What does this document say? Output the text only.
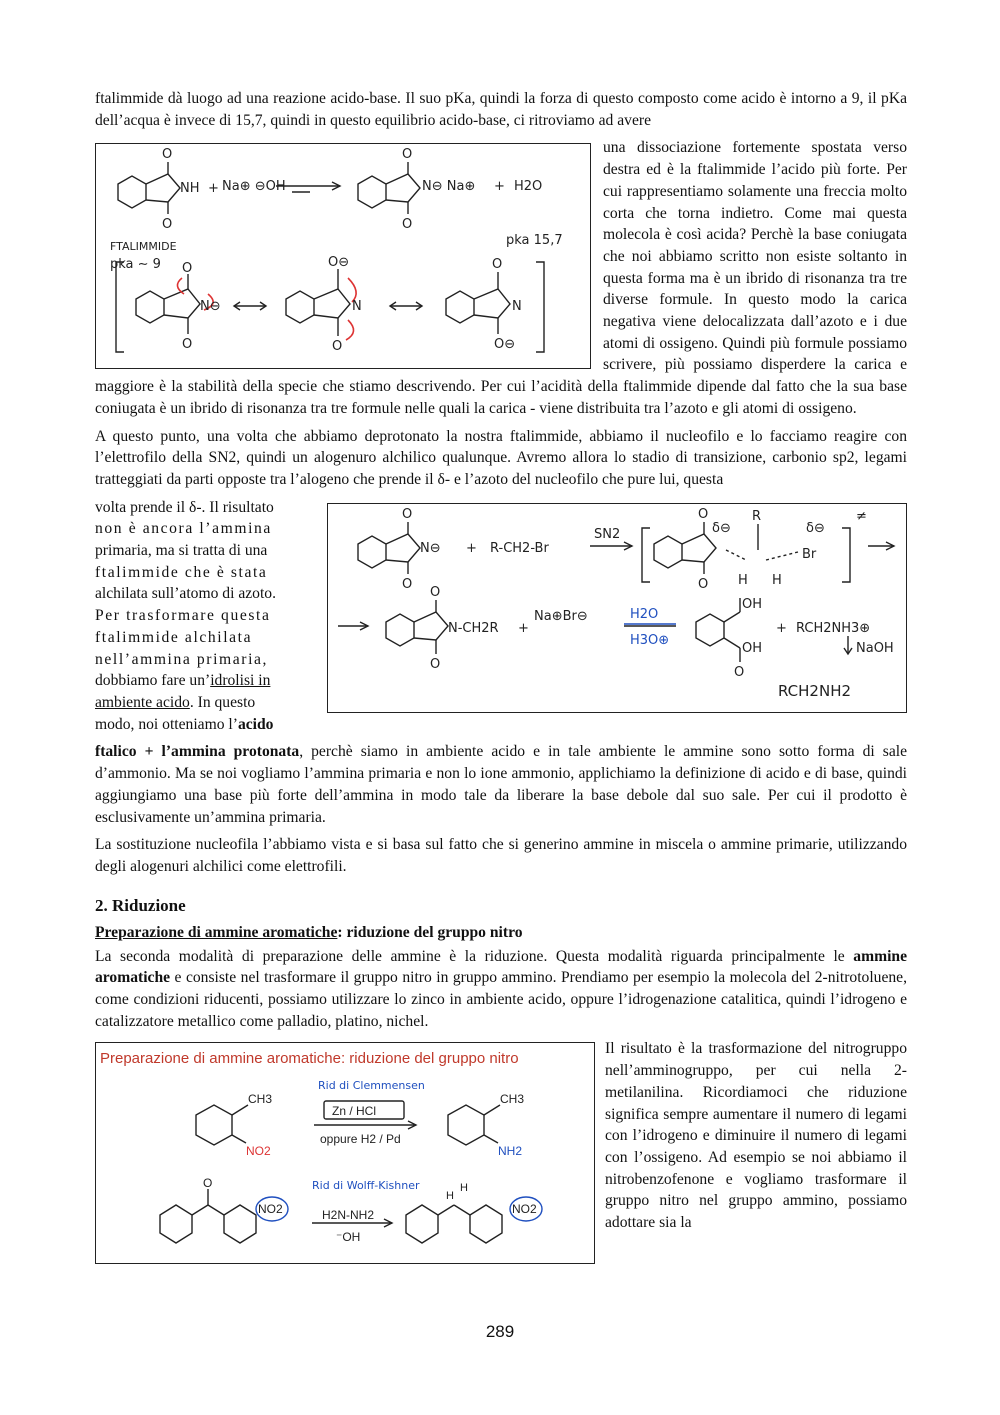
ftalimmide dà luogo ad una reazione acido-base. Il suo pKa, quindi la forza di questo composto come acido è intorno a 9, il pKa dell’acqua è invece di 15,7, quindi in questo equilibrio acido-base, ci ritroviamo ad avere

NH + Na⊕ ⊖OH	N⊖ Na⊕ + H2O
pka 15,7
FTALIMMIDE
pka ∼ 9
O
O
O
O
N⊖
O
O
O⊖
N
O
O
N
O⊖

una dissociazione fortemente spostata verso destra ed è la ftalimmide l’acido più forte. Per cui rappresentiamo solamente una freccia molto corta che torna indietro. Come mai questa molecola è così acida? Perchè la base coniugata che noi abbiamo scritto non esiste soltanto in questa forma ma è un ibrido di risonanza tra tre diverse formule. In questo modo la carica negativa viene delocalizzata dall’azoto e i due atomi di ossigeno. Quindi più formule possiamo scrivere, più possiamo disperdere la carica e maggiore è la stabilità della specie che stiamo descrivendo. Per cui l’acidità della ftalimmide dipende dal fatto che la sua base coniugata è un ibrido di risonanza tra tre formule nelle quali la carica - viene distribuita tra l’azoto e gli atomi di ossigeno.

A questo punto, una volta che abbiamo deprotonato la nostra ftalimmide, abbiamo il nucleofilo e lo facciamo reagire con l’elettrofilo della SN2, quindi un alogenuro alchilico qualunque. Avremo allora lo stadio di transizione, carbonio sp2, legami tratteggiati da parti opposte tra l’alogeno che prende il δ- e l’azoto del nucleofilo che pure lui, questa

N⊖ + R-CH2-Br
SN2	δ⊖
R
δ⊖
Br
H H
≠
N-CH2R +
Na⊕Br⊖	H2O
H3O⊕
OH
OH
+ RCH2NH3⊕
NaOH
RCH2NH2
O
O
O
O
O
O
O

volta prende il δ-. Il risultato
non è ancora l’ammina
primaria, ma si tratta di una
ftalimmide che è stata
alchilata sull’atomo di azoto.
Per trasformare questa
ftalimmide alchilata
nell’ammina primaria,
dobbiamo fare un’idrolisi in
ambiente acido. In questo
modo, noi otteniamo l’acido

ftalico + l’ammina protonata, perchè siamo in ambiente acido e in tale ambiente le ammine sono sotto forma di sale d’ammonio. Ma se noi vogliamo l’ammina primaria e non lo ione ammonio, applichiamo la definizione di acido e di base, quindi aggiungiamo una base più forte dell’ammina in modo tale da liberare la base debole dal suo sale. Per cui il prodotto è esclusivamente un’ammina primaria.

La sostituzione nucleofila l’abbiamo vista e si basa sul fatto che si generino ammine in miscela o ammine primarie, utilizzando degli alogenuri alchilici come elettrofili.

2. Riduzione
Preparazione di ammine aromatiche: riduzione del gruppo nitro

La seconda modalità di preparazione delle ammine è la riduzione. Questa modalità riguarda principalmente le ammine aromatiche e consiste nel trasformare il gruppo nitro in gruppo ammino. Prendiamo per esempio la molecola del 2-nitrotoluene, come condizioni riducenti, possiamo utilizzare lo zinco in ambiente acido, oppure l’idrogenazione catalitica, quindi l’idrogeno e catalizzatore metallico come palladio, platino, nichel.

Preparazione di ammine aromatiche: riduzione del gruppo nitro
CH3
NO2
CH3
NH2
Zn / HCl
oppure H2 / Pd
H2N-NH2
⁻OH
NO2	NO2
O
H
H
Rid di Clemmensen
Rid di Wolff-Kishner

Il risultato è la trasformazione del nitrogruppo nell’amminogruppo, per cui nella 2-metilanilina. Ricordiamoci che riduzione significa sempre aumentare il numero di legami con l’idrogeno e diminuire il numero di legami con l’ossigeno. Ad esempio se noi abbiamo il nitrobenzofenone e vogliamo trasformare il gruppo nitro nel gruppo ammino, possiamo adottare sia la

289
